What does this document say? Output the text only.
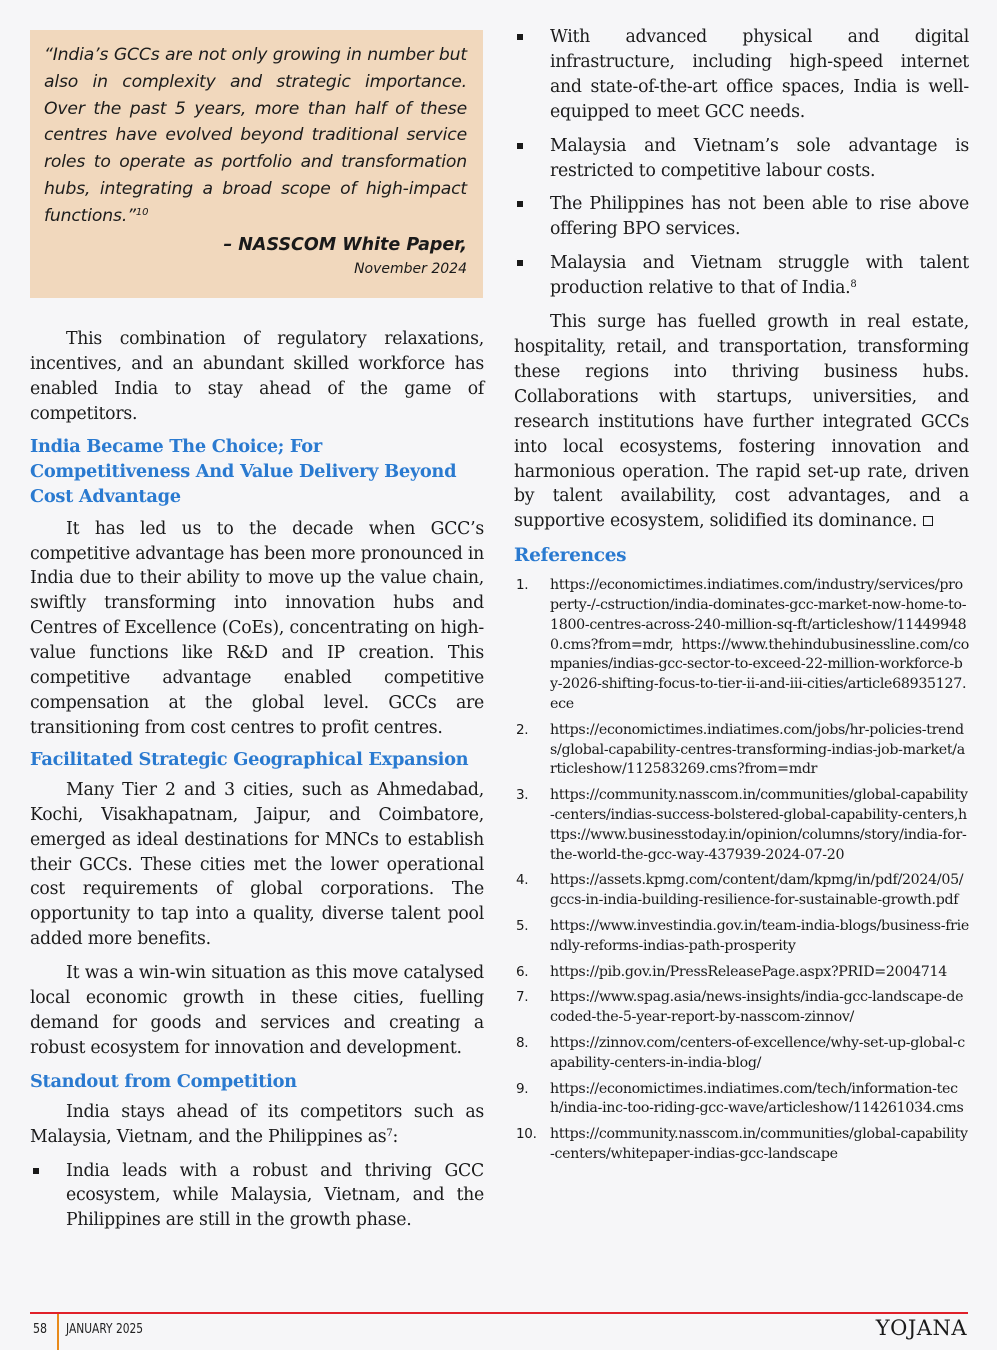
“India’s GCCs are not only growing in number but also in complexity and strategic importance. Over the past 5 years, more than half of these centres have evolved beyond traditional service roles to operate as portfolio and transformation hubs, integrating a broad scope of high-impact functions.”$^{10}$

– NASSCOM White Paper,

November 2024

This combination of regulatory relaxations, incentives, and an abundant skilled workforce has enabled India to stay ahead of the game of competitors.

India Became The Choice; For Competitiveness And Value Delivery Beyond Cost Advantage

It has led us to the decade when GCC’s competitive advantage has been more pronounced in India due to their ability to move up the value chain, swiftly transforming into innovation hubs and Centres of Excellence (CoEs), concentrating on high-value functions like R&D and IP creation. This competitive advantage enabled competitive compensation at the global level. GCCs are transitioning from cost centres to profit centres.

Facilitated Strategic Geographical Expansion

Many Tier 2 and 3 cities, such as Ahmedabad, Kochi, Visakhapatnam, Jaipur, and Coimbatore, emerged as ideal destinations for MNCs to establish their GCCs. These cities met the lower operational cost requirements of global corporations. The opportunity to tap into a quality, diverse talent pool added more benefits.

It was a win-win situation as this move catalysed local economic growth in these cities, fuelling demand for goods and services and creating a robust ecosystem for innovation and development.

Standout from Competition

India stays ahead of its competitors such as Malaysia, Vietnam, and the Philippines $as^7$:

India leads with a robust and thriving GCC ecosystem, while Malaysia, Vietnam, and the Philippines are still in the growth phase.
With advanced physical and digital infrastructure, including high-speed internet and state-of-the-art office spaces, India is well-equipped to meet GCC needs.
Malaysia and Vietnam’s sole advantage is restricted to competitive labour costs.
The Philippines has not been able to rise above offering BPO services.
Malaysia and Vietnam struggle with talent production relative to that of India.$^8$

This surge has fuelled growth in real estate, hospitality, retail, and transportation, transforming these regions into thriving business hubs. Collaborations with startups, universities, and research institutions have further integrated GCCs into local ecosystems, fostering innovation and harmonious operation. The rapid set-up rate, driven by talent availability, cost advantages, and a supportive ecosystem, solidified its dominance.

References
1. https://economictimes.indiatimes.com/industry/services/property-/-cstruction/india-dominates-gcc-market-now-home-to-1800-centres-across-240-million-sq-ft/articleshow/114499480.cms?from=mdr, https://www.thehindubusinessline.com/companies/indias-gcc-sector-to-exceed-22-million-workforce-by-2026-shifting-focus-to-tier-ii-and-iii-cities/article68935127.ece
2. https://economictimes.indiatimes.com/jobs/hr-policies-trends/global-capability-centres-transforming-indias-job-market/articleshow/112583269.cms?from=mdr
3. https://community.nasscom.in/communities/global-capability-centers/indias-success-bolstered-global-capability-centers,https://www.businesstoday.in/opinion/columns/story/india-for-the-world-the-gcc-way-437939-2024-07-20
4. https://assets.kpmg.com/content/dam/kpmg/in/pdf/2024/05/gccs-in-india-building-resilience-for-sustainable-growth.pdf
5. https://www.investindia.gov.in/team-india-blogs/business-friendly-reforms-indias-path-prosperity
6. https://pib.gov.in/PressReleasePage.aspx?PRID=2004714
7. https://www.spag.asia/news-insights/india-gcc-landscape-decoded-the-5-year-report-by-nasscom-zinnov/
8. https://zinnov.com/centers-of-excellence/why-set-up-global-capability-centers-in-india-blog/
9. https://economictimes.indiatimes.com/tech/information-tech/india-inc-too-riding-gcc-wave/articleshow/114261034.cms
10. https://community.nasscom.in/communities/global-capability-centers/whitepaper-indias-gcc-landscape
58 JANUARY 2025	YOJANA
